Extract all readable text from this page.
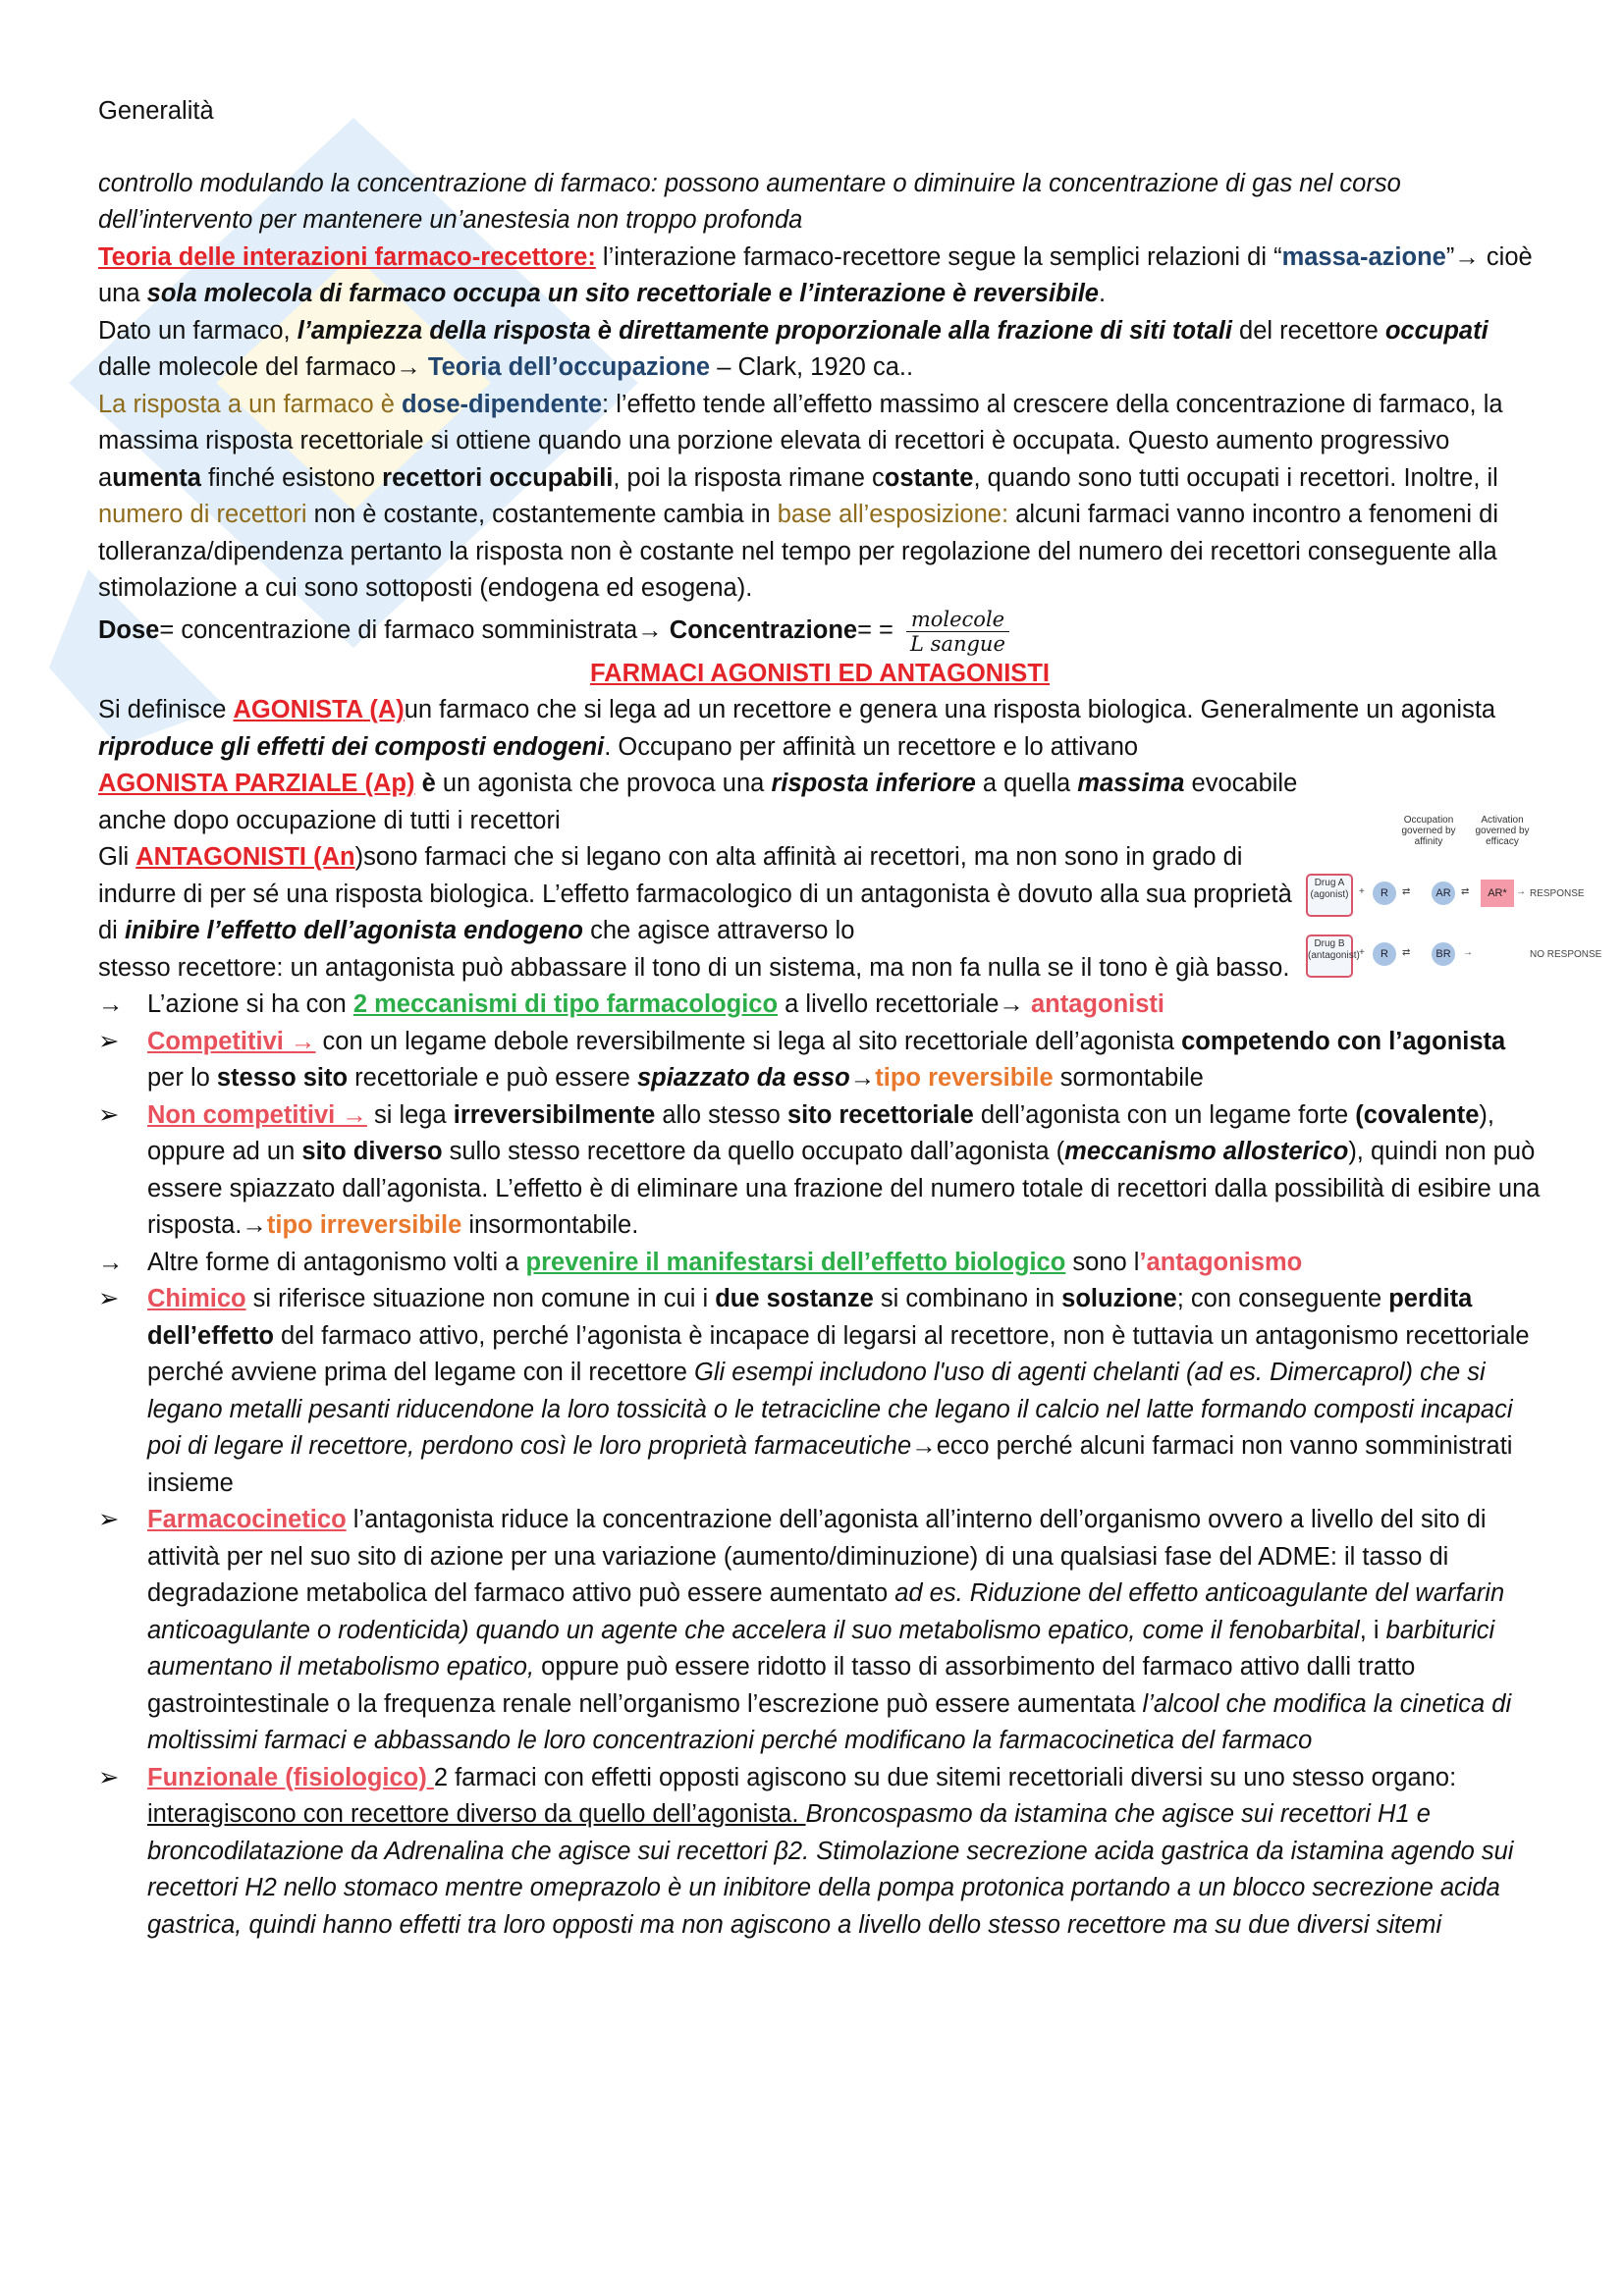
Generalità

controllo modulando la concentrazione di farmaco: possono aumentare o diminuire la concentrazione di gas nel corso dell’intervento per mantenere un’anestesia non troppo profonda

Teoria delle interazioni farmaco-recettore: l’interazione farmaco-recettore segue la semplici relazioni di “massa-azione”→ cioè una sola molecola di farmaco occupa un sito recettoriale e l’interazione è reversibile.

Dato un farmaco, l’ampiezza della risposta è direttamente proporzionale alla frazione di siti totali del recettore occupati dalle molecole del farmaco→ Teoria dell’occupazione – Clark, 1920 ca..

La risposta a un farmaco è dose-dipendente: l’effetto tende all’effetto massimo al crescere della concentrazione di farmaco, la massima risposta recettoriale si ottiene quando una porzione elevata di recettori è occupata. Questo aumento progressivo aumenta finché esistono recettori occupabili, poi la risposta rimane costante, quando sono tutti occupati i recettori. Inoltre, il numero di recettori non è costante, costantemente cambia in base all’esposizione: alcuni farmaci vanno incontro a fenomeni di tolleranza/dipendenza pertanto la risposta non è costante nel tempo per regolazione del numero dei recettori conseguente alla stimolazione a cui sono sottoposti (endogena ed esogena).

Dose= concentrazione di farmaco somministrata→ Concentrazione= = $\frac{\text{molecole}}{\text{L sangue}}$

FARMACI AGONISTI ED ANTAGONISTI

Si definisce AGONISTA (A)un farmaco che si lega ad un recettore e genera una risposta biologica. Generalmente un agonista riproduce gli effetti dei composti endogeni. Occupano per affinità un recettore e lo attivano

AGONISTA PARZIALE (Ap) è un agonista che provoca una risposta inferiore a quella massima evocabile anche dopo occupazione di tutti i recettori

Gli ANTAGONISTI (An)sono farmaci che si legano con alta affinità ai recettori, ma non sono in grado di indurre di per sé una risposta biologica. L’effetto farmacologico di un antagonista è dovuto alla sua proprietà di inibire l’effetto dell’agonista endogeno che agisce attraverso lo

stesso recettore: un antagonista può abbassare il tono di un sistema, ma non fa nulla se il tono è già basso.

→ L’azione si ha con 2 meccanismi di tipo farmacologico a livello recettoriale→ antagonisti
➢	Competitivi → con un legame debole reversibilmente si lega al sito recettoriale dell’agonista competendo con l’agonista per lo stesso sito recettoriale e può essere spiazzato da esso→tipo reversibile sormontabile
➢	Non competitivi → si lega irreversibilmente allo stesso sito recettoriale dell’agonista con un legame forte (covalente), oppure ad un sito diverso sullo stesso recettore da quello occupato dall’agonista (meccanismo allosterico), quindi non può essere spiazzato dall’agonista. L’effetto è di eliminare una frazione del numero totale di recettori dalla possibilità di esibire una risposta.→tipo irreversibile insormontabile.
→ Altre forme di antagonismo volti a prevenire il manifestarsi dell’effetto biologico sono l’antagonismo
➢	Chimico si riferisce situazione non comune in cui i due sostanze si combinano in soluzione; con conseguente perdita dell’effetto del farmaco attivo, perché l’agonista è incapace di legarsi al recettore, non è tuttavia un antagonismo recettoriale perché avviene prima del legame con il recettore Gli esempi includono l'uso di agenti chelanti (ad es. Dimercaprol) che si legano metalli pesanti riducendone la loro tossicità o le tetracicline che legano il calcio nel latte formando composti incapaci poi di legare il recettore, perdono così le loro proprietà farmaceutiche→ecco perché alcuni farmaci non vanno somministrati insieme
➢	Farmacocinetico l’antagonista riduce la concentrazione dell’agonista all’interno dell’organismo ovvero a livello del sito di attività per nel suo sito di azione per una variazione (aumento/diminuzione) di una qualsiasi fase del ADME: il tasso di degradazione metabolica del farmaco attivo può essere aumentato ad es. Riduzione del effetto anticoagulante del warfarin anticoagulante o rodenticida) quando un agente che accelera il suo metabolismo epatico, come il fenobarbital, i barbiturici aumentano il metabolismo epatico, oppure può essere ridotto il tasso di assorbimento del farmaco attivo dalli tratto gastrointestinale o la frequenza renale nell’organismo l’escrezione può essere aumentata l’alcool che modifica la cinetica di moltissimi farmaci e abbassando le loro concentrazioni perché modificano la farmacocinetica del farmaco
➢	Funzionale (fisiologico) 2 farmaci con effetti opposti agiscono su due sitemi recettoriali diversi su uno stesso organo: interagiscono con recettore diverso da quello dell’agonista. Broncospasmo da istamina che agisce sui recettori H1 e broncodilatazione da Adrenalina che agisce sui recettori β2. Stimolazione secrezione acida gastrica da istamina agendo sui recettori H2 nello stomaco mentre omeprazolo è un inibitore della pompa protonica portando a un blocco secrezione acida gastrica, quindi hanno effetti tra loro opposti ma non agiscono a livello dello stesso recettore ma su due diversi sitemi
Occupation governed by affinity
Activation governed by efficacy
Drug A (agonist)	+	R	⇄	AR	⇄	AR* → RESPONSE
Drug B (antagonist) +	R	⇄	BR	→	NO RESPONSE
